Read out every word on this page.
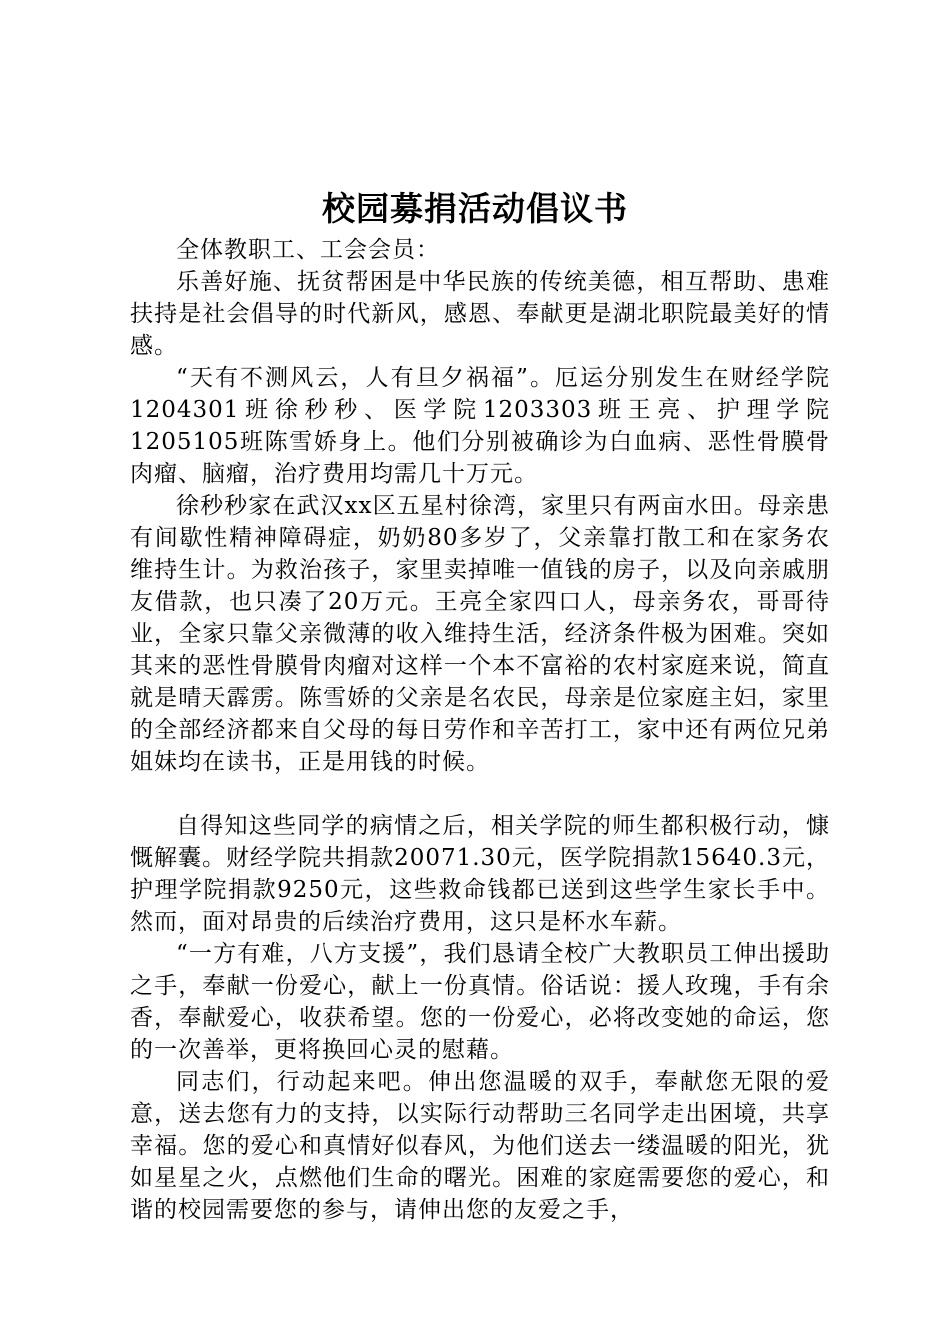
校园募捐活动倡议书

全体教职工、工会会员：

乐善好施、抚贫帮困是中华民族的传统美德，相互帮助、患难扶持是社会倡导的时代新风，感恩、奉献更是湖北职院最美好的情感。

“天有不测风云，人有旦夕祸福”。厄运分别发生在财经学院1204301班徐秒秒、医学院1203303班王亮、护理学院1205105班陈雪娇身上。他们分别被确诊为白血病、恶性骨膜骨肉瘤、脑瘤，治疗费用均需几十万元。

徐秒秒家在武汉xx区五星村徐湾，家里只有两亩水田。母亲患有间歇性精神障碍症，奶奶80多岁了，父亲靠打散工和在家务农维持生计。为救治孩子，家里卖掉唯一值钱的房子，以及向亲戚朋友借款，也只凑了20万元。王亮全家四口人，母亲务农，哥哥待业，全家只靠父亲微薄的收入维持生活，经济条件极为困难。突如其来的恶性骨膜骨肉瘤对这样一个本不富裕的农村家庭来说，简直就是晴天霹雳。陈雪娇的父亲是名农民，母亲是位家庭主妇，家里的全部经济都来自父母的每日劳作和辛苦打工，家中还有两位兄弟姐妹均在读书，正是用钱的时候。

自得知这些同学的病情之后，相关学院的师生都积极行动，慷慨解囊。财经学院共捐款20071.30元，医学院捐款15640.3元，护理学院捐款9250元，这些救命钱都已送到这些学生家长手中。然而，面对昂贵的后续治疗费用，这只是杯水车薪。

“一方有难，八方支援”，我们恳请全校广大教职员工伸出援助之手，奉献一份爱心，献上一份真情。俗话说：援人玫瑰，手有余香，奉献爱心，收获希望。您的一份爱心，必将改变她的命运，您的一次善举，更将换回心灵的慰藉。

同志们，行动起来吧。伸出您温暖的双手，奉献您无限的爱意，送去您有力的支持，以实际行动帮助三名同学走出困境，共享幸福。您的爱心和真情好似春风，为他们送去一缕温暖的阳光，犹如星星之火，点燃他们生命的曙光。困难的家庭需要您的爱心，和谐的校园需要您的参与，请伸出您的友爱之手，
